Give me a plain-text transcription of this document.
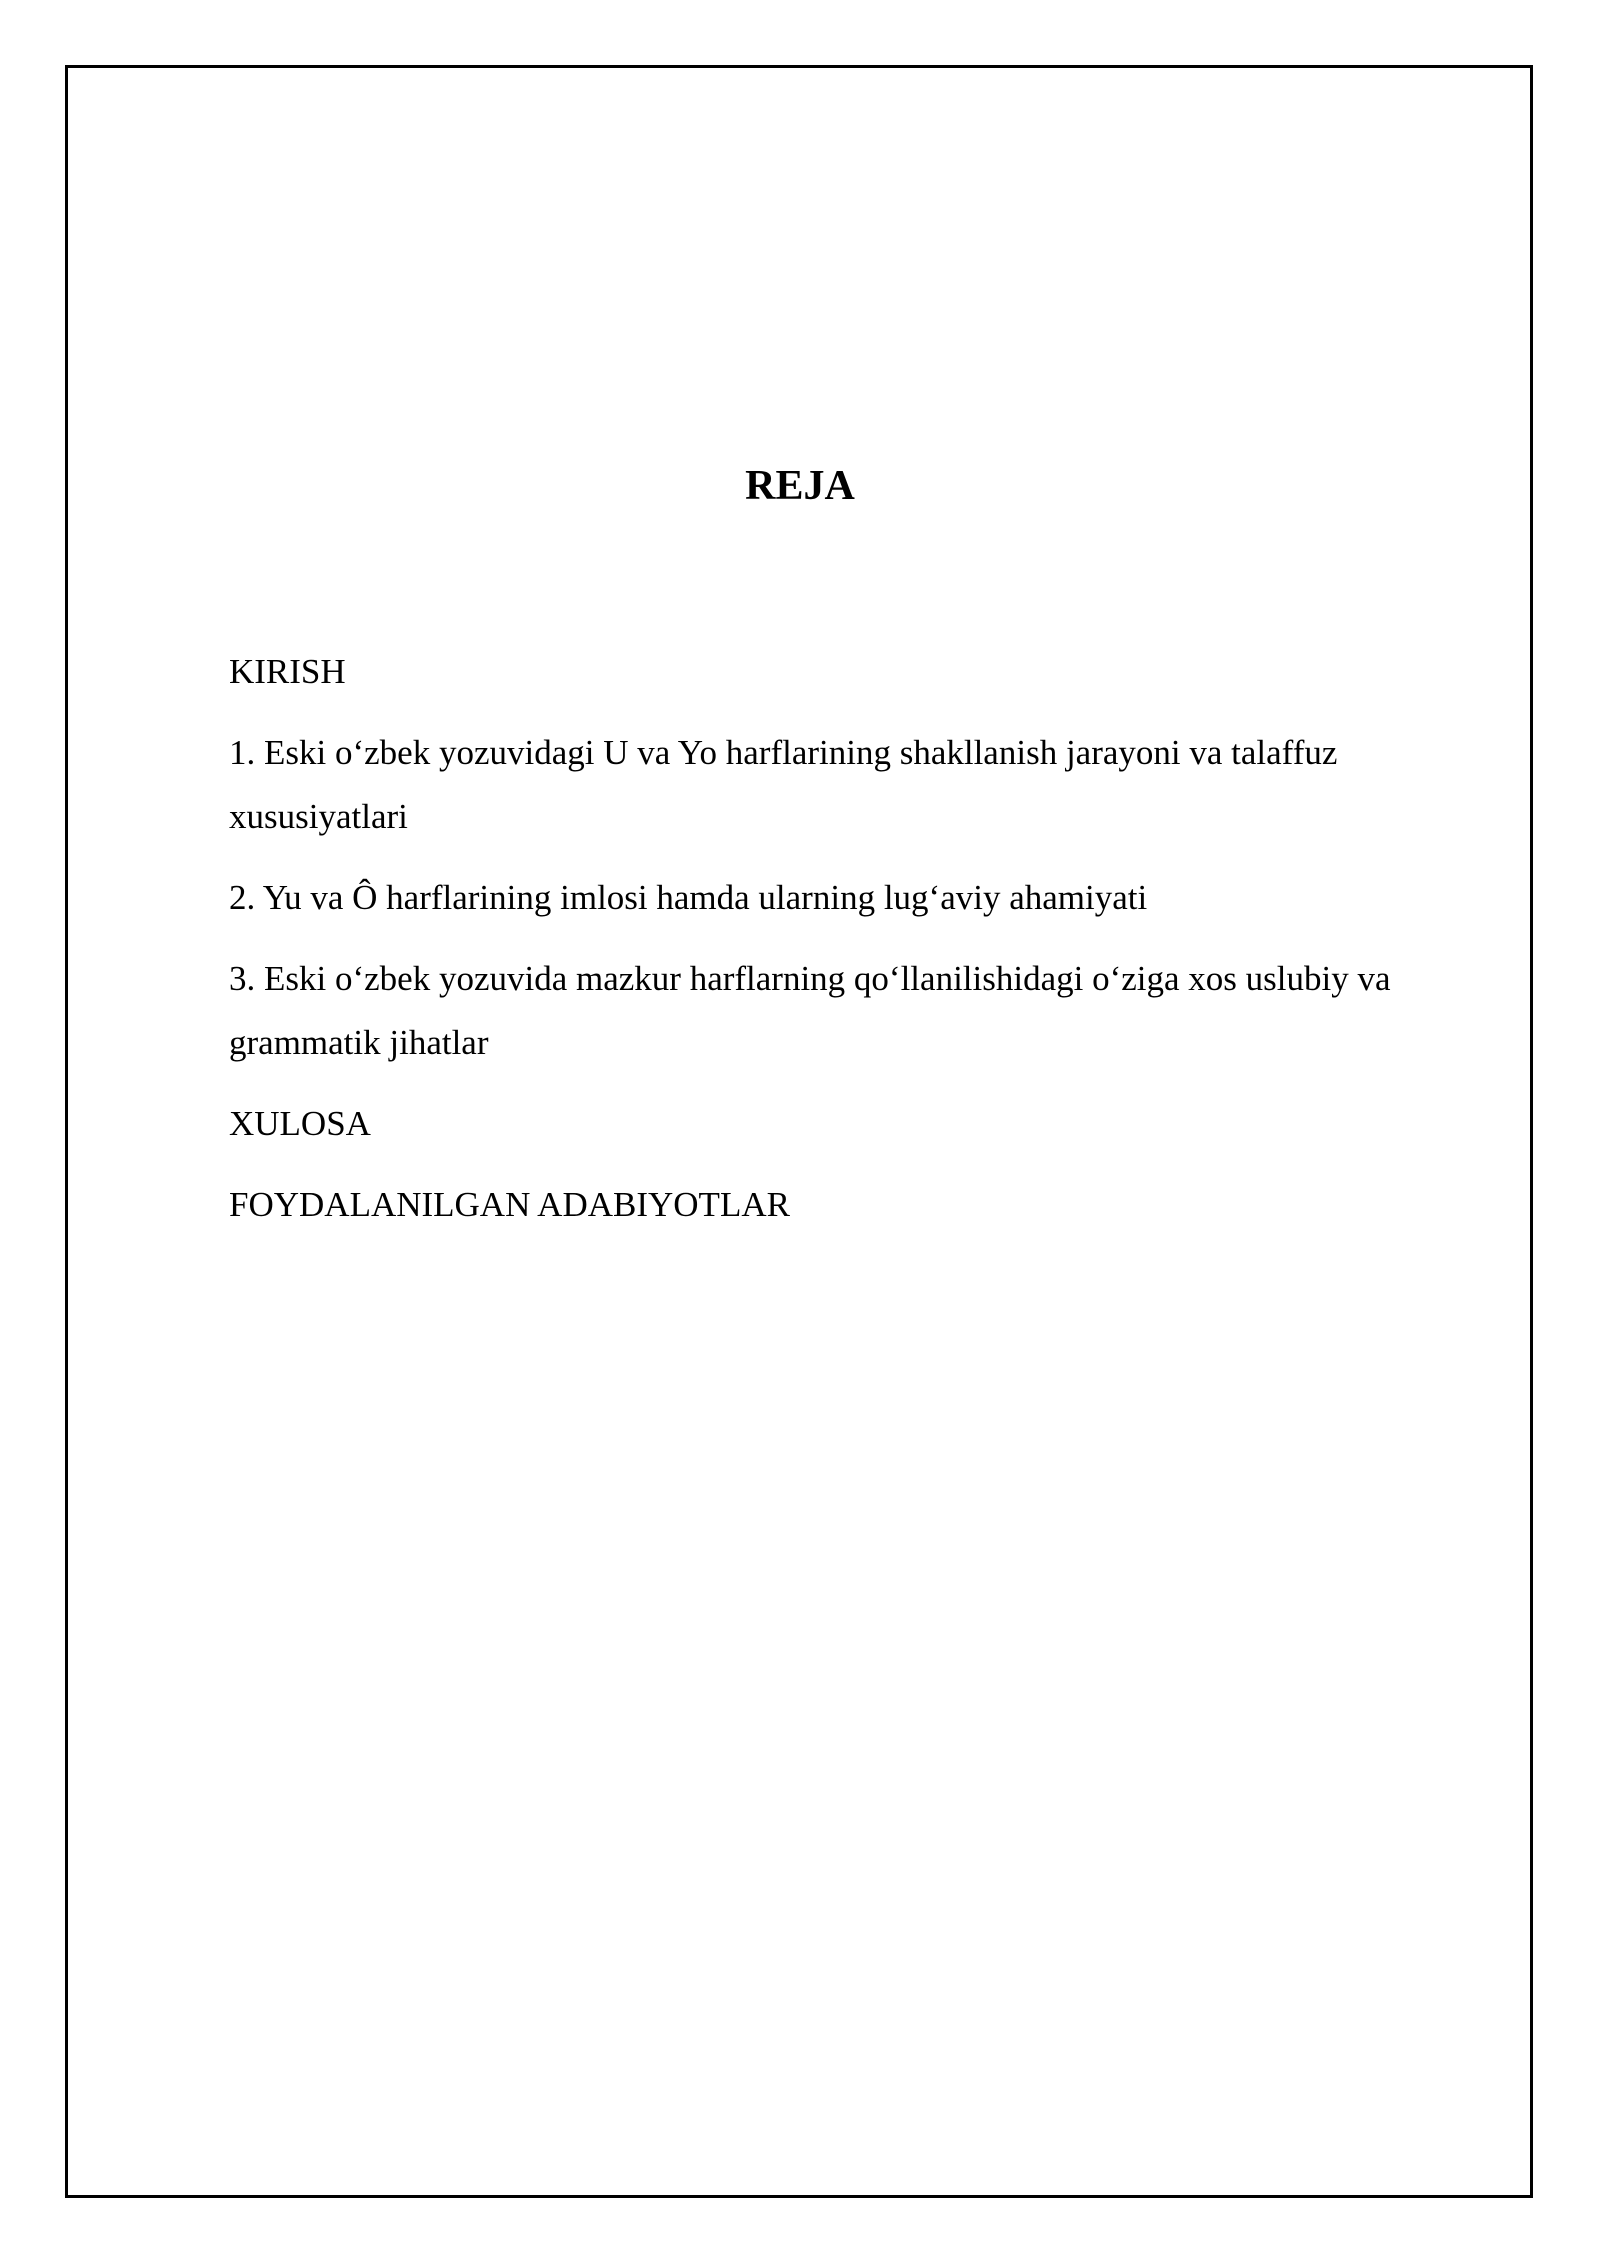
REJA
KIRISH
1. Eski o‘zbek yozuvidagi U va Yo harflarining shakllanish jarayoni va talaffuz xususiyatlari
2. Yu va Ô harflarining imlosi hamda ularning lug‘aviy ahamiyati
3. Eski o‘zbek yozuvida mazkur harflarning qo‘llanilishidagi o‘ziga xos uslubiy va grammatik jihatlar
XULOSA
FOYDALANILGAN ADABIYOTLAR
